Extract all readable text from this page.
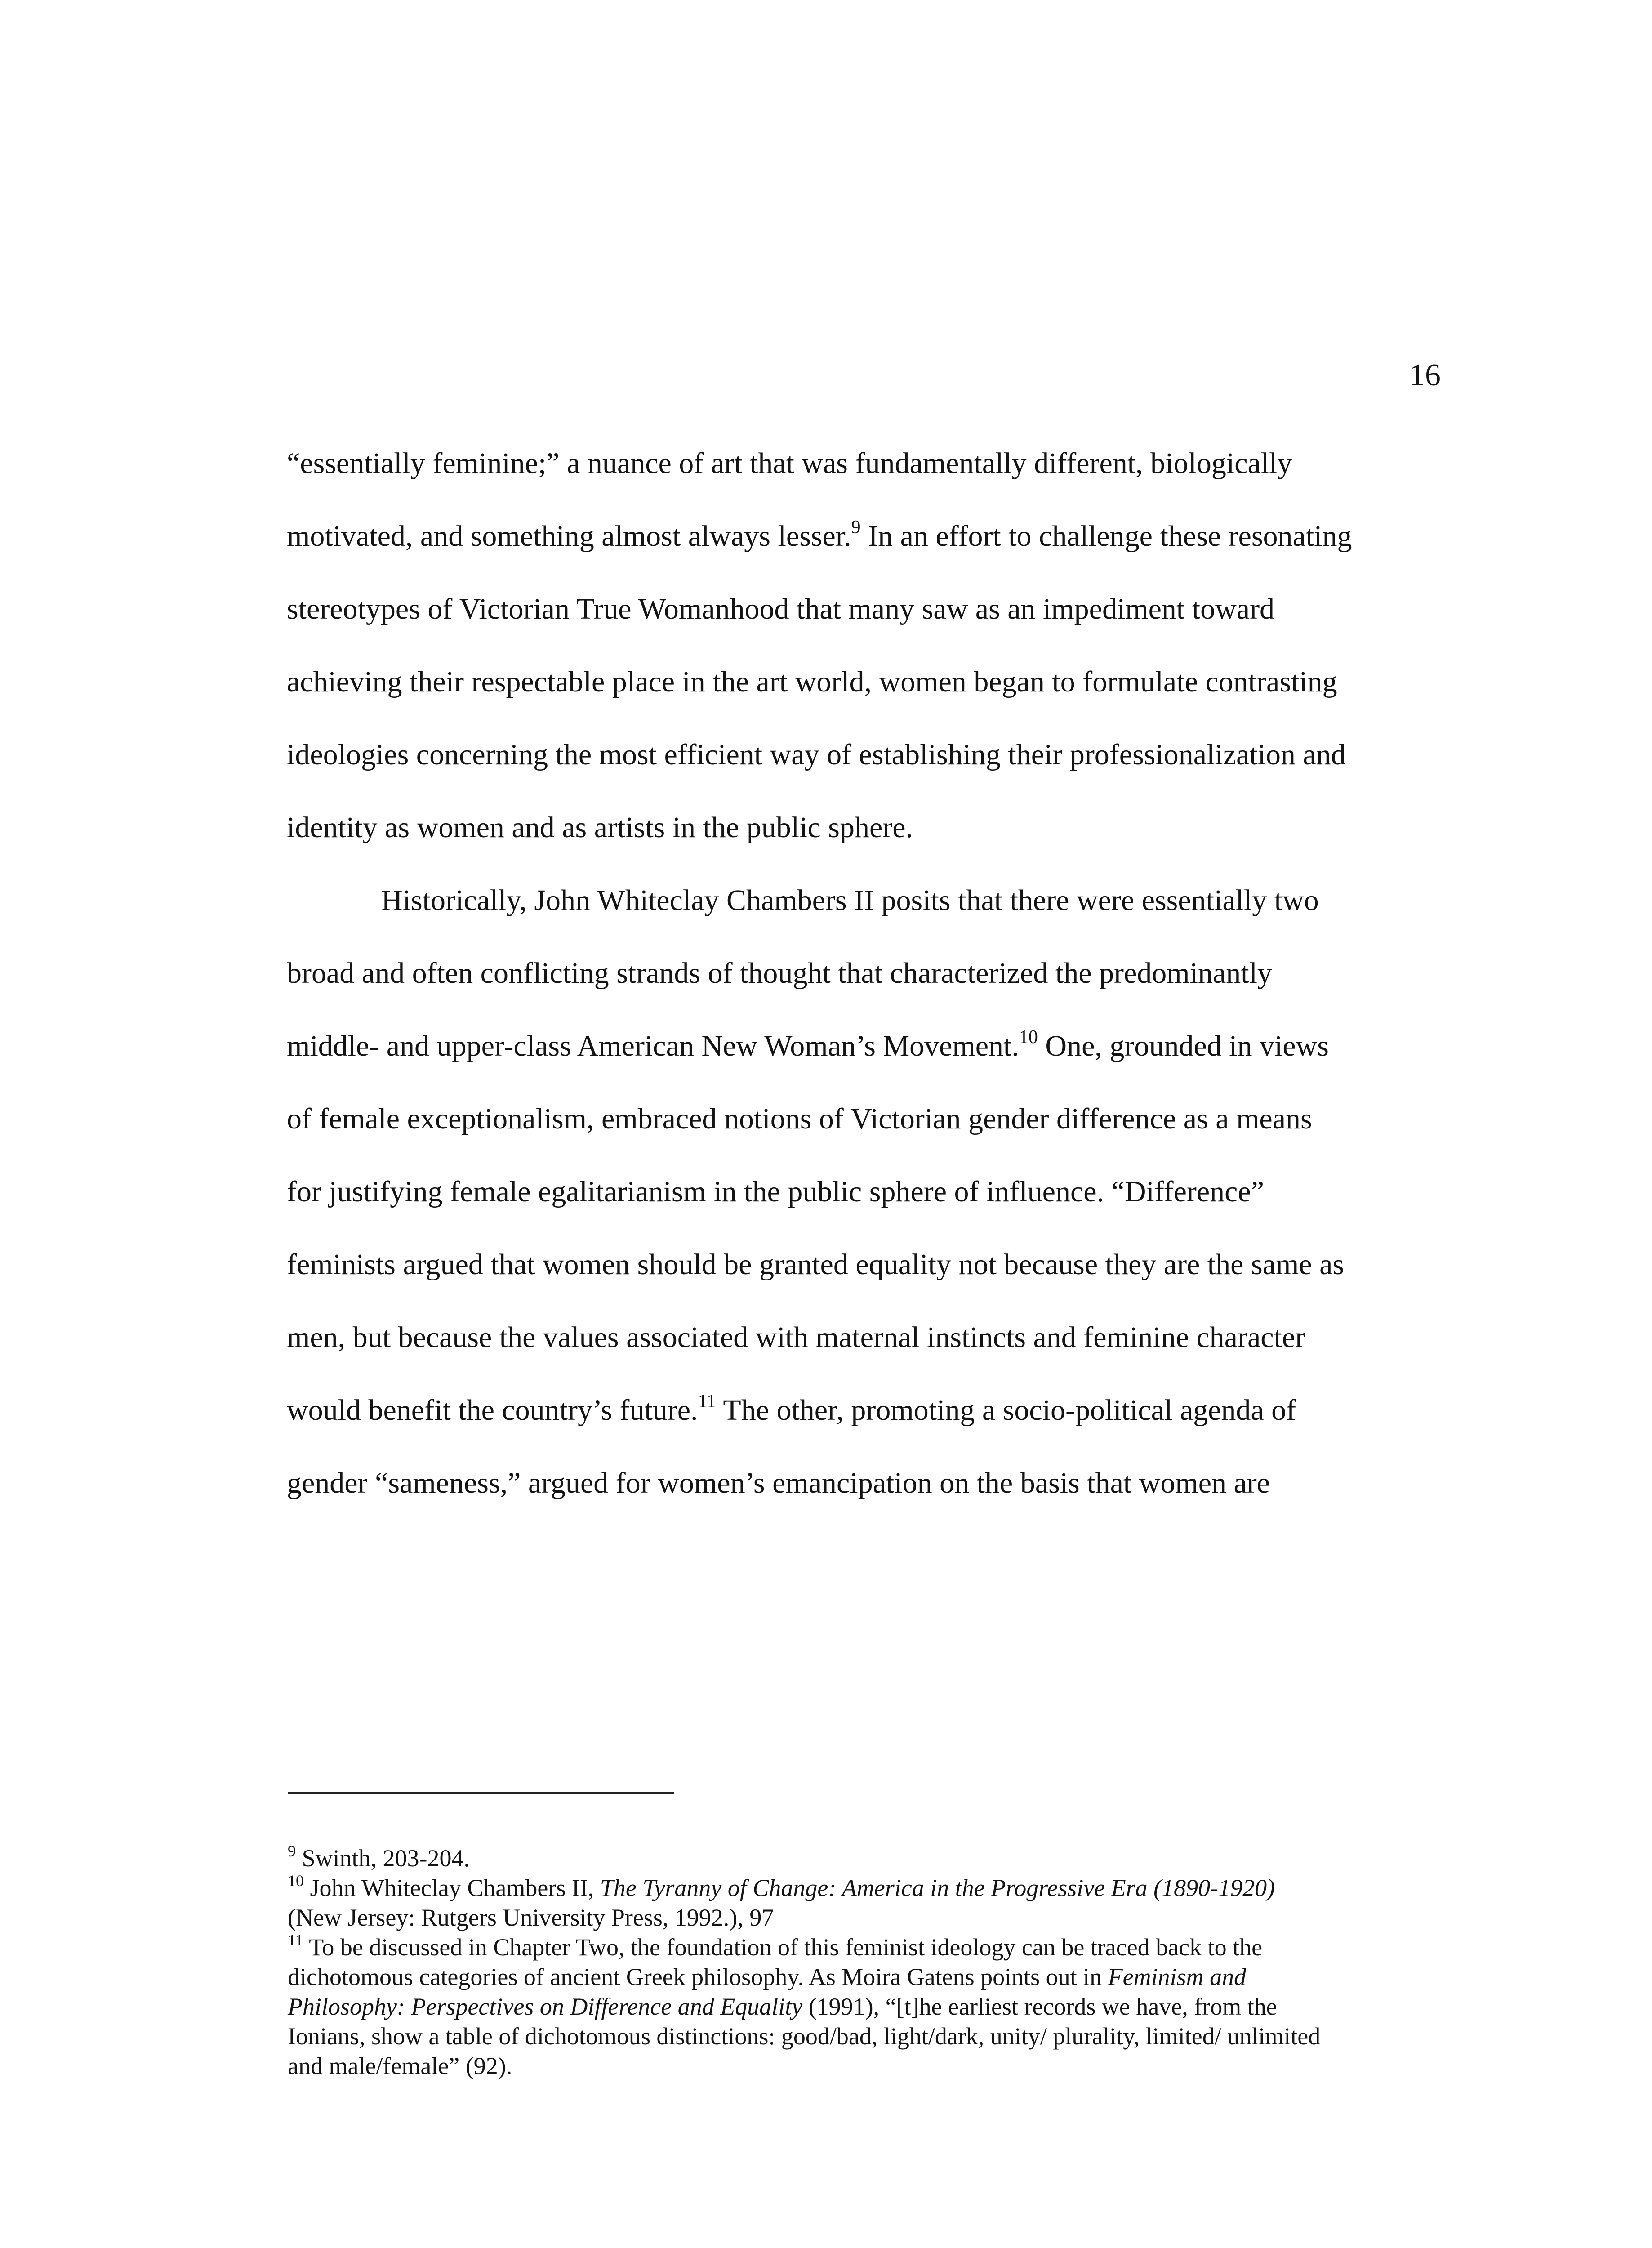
16

“essentially feminine;” a nuance of art that was fundamentally different, biologically
motivated, and something almost always lesser.$^9$ In an effort to challenge these resonating
stereotypes of Victorian True Womanhood that many saw as an impediment toward
achieving their respectable place in the art world, women began to formulate contrasting
ideologies concerning the most efficient way of establishing their professionalization and
identity as women and as artists in the public sphere.

Historically, John Whiteclay Chambers II posits that there were essentially two
broad and often conflicting strands of thought that characterized the predominantly
middle- and upper-class American New Woman’s Movement.$^{10}$ One, grounded in views
of female exceptionalism, embraced notions of Victorian gender difference as a means
for justifying female egalitarianism in the public sphere of influence. “Difference”
feminists argued that women should be granted equality not because they are the same as
men, but because the values associated with maternal instincts and feminine character
would benefit the country’s future.$^{11}$ The other, promoting a socio-political agenda of
gender “sameness,” argued for women’s emancipation on the basis that women are

$^9$ Swinth, 203-204.

$^{10}$ John Whiteclay Chambers II, The Tyranny of Change: America in the Progressive Era (1890-1920)
(New Jersey: Rutgers University Press, 1992.), 97

$^{11}$ To be discussed in Chapter Two, the foundation of this feminist ideology can be traced back to the
dichotomous categories of ancient Greek philosophy. As Moira Gatens points out in Feminism and
Philosophy: Perspectives on Difference and Equality (1991), “[t]he earliest records we have, from the
Ionians, show a table of dichotomous distinctions: good/bad, light/dark, unity/ plurality, limited/ unlimited
and male/female” (92).
